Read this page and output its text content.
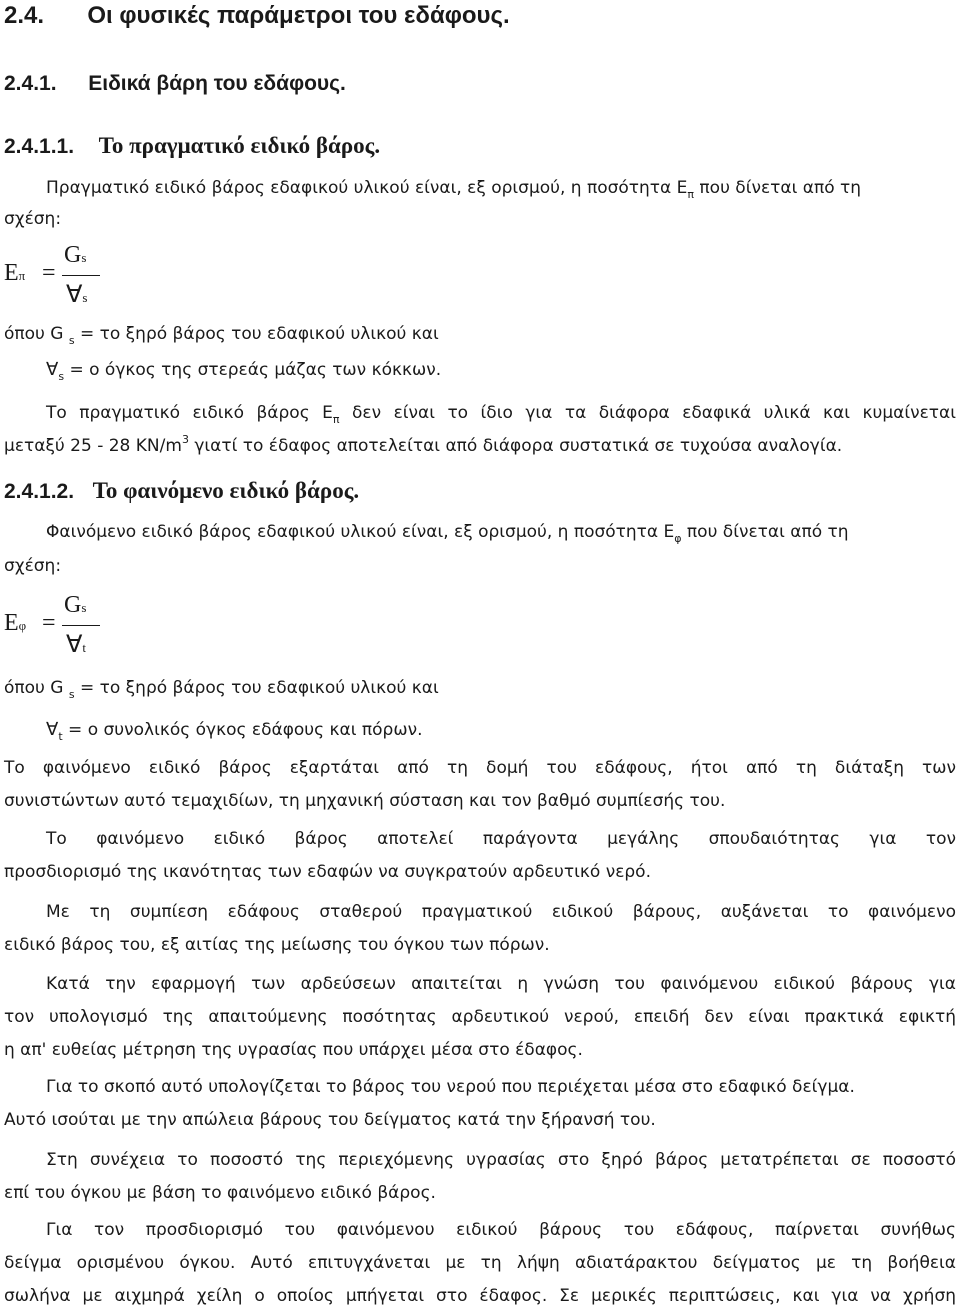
2.4. Οι φυσικές παράμετροι του εδάφους.
2.4.1. Ειδικά βάρη του εδάφους.
2.4.1.1. Το πραγματικό ειδικό βάρος.
Πραγματικό ειδικό βάρος εδαφικού υλικού είναι, εξ ορισμού, η ποσότητα $E_\pi$ που δίνεται από τη
σχέση:
Eπ =
Gs
∀s
όπου G $_s$ = το ξηρό βάρος του εδαφικού υλικού και
$\forall_s = o$ όγκος της στερεάς μάζας των κόκκων.
Το πραγματικό ειδικό βάρος $E_\pi$ δεν είναι το ίδιο για τα διάφορα εδαφικά υλικά και κυμαίνεται
μεταξύ 25 - 28 $KN/m^3$ γιατί το έδαφος αποτελείται από διάφορα συστατικά σε τυχούσα αναλογία.
2.4.1.2. Το φαινόμενο ειδικό βάρος.
Φαινόμενο ειδικό βάρος εδαφικού υλικού είναι, εξ ορισμού, η ποσότητα $E_\varphi$ που δίνεται από τη
σχέση:
Eφ =
Gs
∀t
όπου G $_s$ = το ξηρό βάρος του εδαφικού υλικού και
$\forall_t = o$ συνολικός όγκος εδάφους και πόρων.
Το φαινόμενο ειδικό βάρος εξαρτάται από τη δομή του εδάφους, ήτοι από τη διάταξη των
συνιστώντων αυτό τεμαχιδίων, τη μηχανική σύσταση και τον βαθμό συμπίεσής του.
Το φαινόμενο ειδικό βάρος αποτελεί παράγοντα μεγάλης σπουδαιότητας για τον
προσδιορισμό της ικανότητας των εδαφών να συγκρατούν αρδευτικό νερό.
Με τη συμπίεση εδάφους σταθερού πραγματικού ειδικού βάρους, αυξάνεται το φαινόμενο
ειδικό βάρος του, εξ αιτίας της μείωσης του όγκου των πόρων.
Κατά την εφαρμογή των αρδεύσεων απαιτείται η γνώση του φαινόμενου ειδικού βάρους για
τον υπολογισμό της απαιτούμενης ποσότητας αρδευτικού νερού, επειδή δεν είναι πρακτικά εφικτή
η απ' ευθείας μέτρηση της υγρασίας που υπάρχει μέσα στο έδαφος.
Για το σκοπό αυτό υπολογίζεται το βάρος του νερού που περιέχεται μέσα στο εδαφικό δείγμα.
Αυτό ισούται με την απώλεια βάρους του δείγματος κατά την ξήρανσή του.
Στη συνέχεια το ποσοστό της περιεχόμενης υγρασίας στο ξηρό βάρος μετατρέπεται σε ποσοστό
επί του όγκου με βάση το φαινόμενο ειδικό βάρος.
Για τον προσδιορισμό του φαινόμενου ειδικού βάρους του εδάφους, παίρνεται συνήθως
δείγμα ορισμένου όγκου. Αυτό επιτυγχάνεται με τη λήψη αδιατάρακτου δείγματος με τη βοήθεια
σωλήνα με αιχμηρά χείλη ο οποίος μπήγεται στο έδαφος. Σε μερικές περιπτώσεις, και για να χρήση
